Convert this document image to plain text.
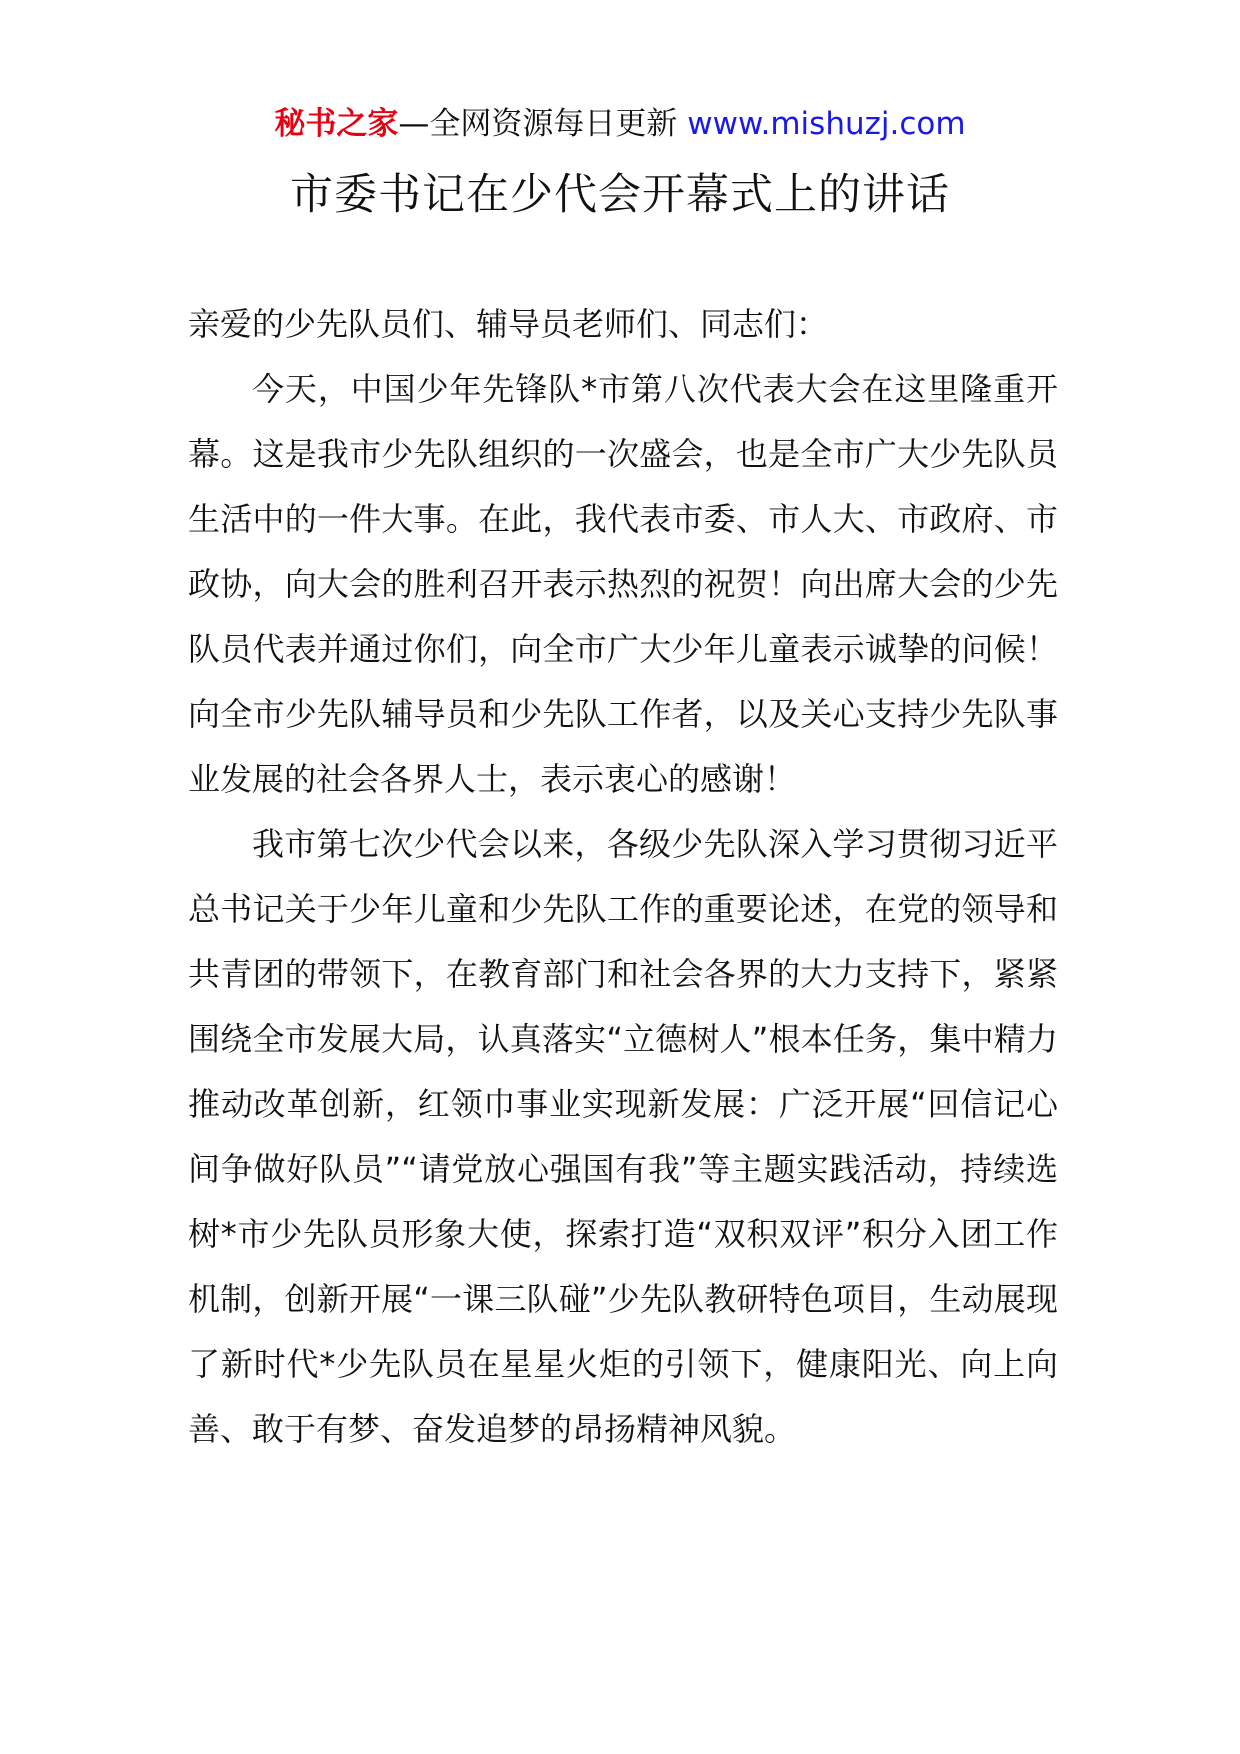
秘书之家—全网资源每日更新 www.mishuzj.com
市委书记在少代会开幕式上的讲话

亲爱的少先队员们、辅导员老师们、同志们：

今天，中国少年先锋队*市第八次代表大会在这里隆重开幕。这是我市少先队组织的一次盛会，也是全市广大少先队员生活中的一件大事。在此，我代表市委、市人大、市政府、市政协，向大会的胜利召开表示热烈的祝贺！向出席大会的少先队员代表并通过你们，向全市广大少年儿童表示诚挚的问候！向全市少先队辅导员和少先队工作者，以及关心支持少先队事业发展的社会各界人士，表示衷心的感谢！

我市第七次少代会以来，各级少先队深入学习贯彻习近平总书记关于少年儿童和少先队工作的重要论述，在党的领导和共青团的带领下，在教育部门和社会各界的大力支持下，紧紧围绕全市发展大局，认真落实“立德树人”根本任务，集中精力推动改革创新，红领巾事业实现新发展：广泛开展“回信记心间争做好队员”“请党放心强国有我”等主题实践活动，持续选树*市少先队员形象大使，探索打造“双积双评”积分入团工作机制，创新开展“一课三队碰”少先队教研特色项目，生动展现了新时代*少先队员在星星火炬的引领下，健康阳光、向上向善、敢于有梦、奋发追梦的昂扬精神风貌。
